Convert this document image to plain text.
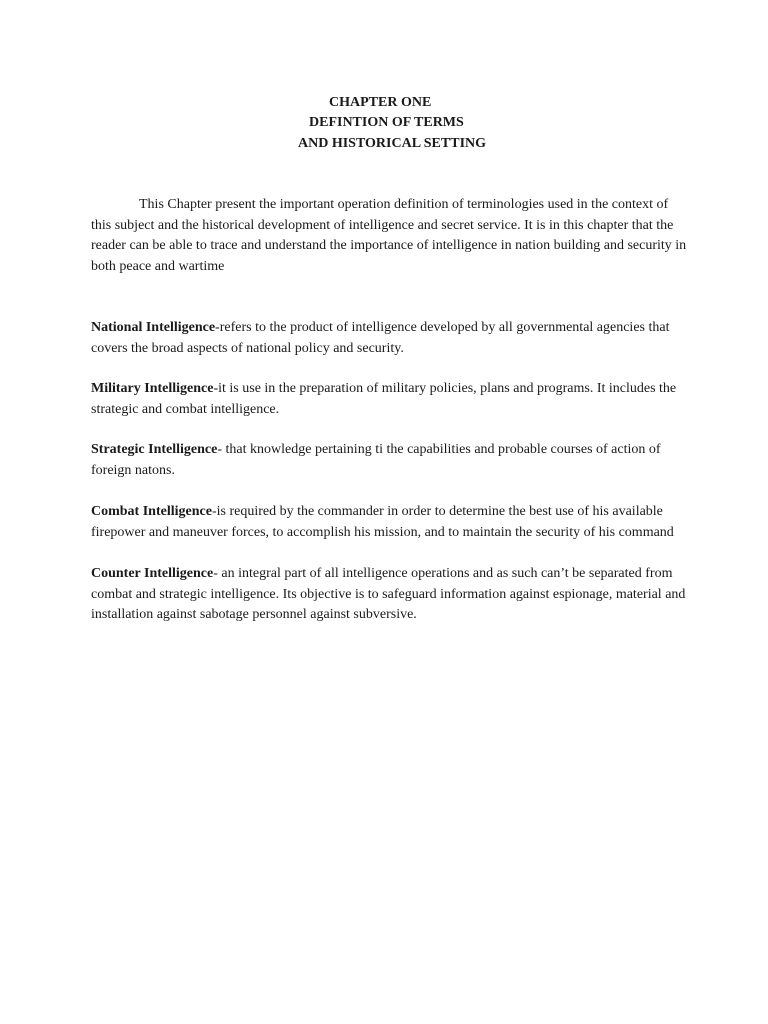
CHAPTER ONE
DEFINTION OF TERMS
AND HISTORICAL SETTING

This Chapter present the important operation definition of terminologies used in the context of this subject and the historical development of intelligence and secret service. It is in this chapter that the reader can be able to trace and understand the importance of intelligence in nation building and security in both peace and wartime

National Intelligence-refers to the product of intelligence developed by all governmental agencies that covers the broad aspects of national policy and security.

Military Intelligence-it is use in the preparation of military policies, plans and programs. It includes the strategic and combat intelligence.

Strategic Intelligence- that knowledge pertaining ti the capabilities and probable courses of action of foreign natons.

Combat Intelligence-is required by the commander in order to determine the best use of his available firepower and maneuver forces, to accomplish his mission, and to maintain the security of his command

Counter Intelligence- an integral part of all intelligence operations and as such can’t be separated from combat and strategic intelligence. Its objective is to safeguard information against espionage, material and installation against sabotage personnel against subversive.
